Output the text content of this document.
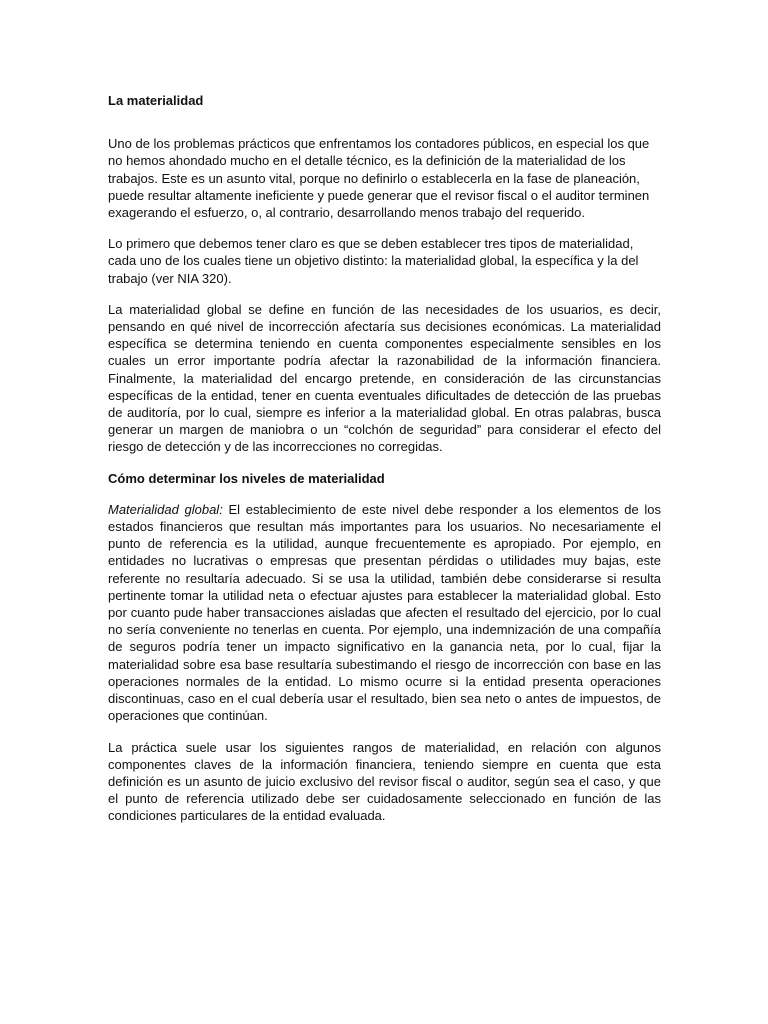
La materialidad

Uno de los problemas prácticos que enfrentamos los contadores públicos, en especial los que no hemos ahondado mucho en el detalle técnico, es la definición de la materialidad de los trabajos. Este es un asunto vital, porque no definirlo o establecerla en la fase de planeación, puede resultar altamente ineficiente y puede generar que el revisor fiscal o el auditor terminen exagerando el esfuerzo, o, al contrario, desarrollando menos trabajo del requerido.

Lo primero que debemos tener claro es que se deben establecer tres tipos de materialidad, cada uno de los cuales tiene un objetivo distinto: la materialidad global, la específica y la del trabajo (ver NIA 320).

La materialidad global se define en función de las necesidades de los usuarios, es decir, pensando en qué nivel de incorrección afectaría sus decisiones económicas. La materialidad específica se determina teniendo en cuenta componentes especialmente sensibles en los cuales un error importante podría afectar la razonabilidad de la información financiera. Finalmente, la materialidad del encargo pretende, en consideración de las circunstancias específicas de la entidad, tener en cuenta eventuales dificultades de detección de las pruebas de auditoría, por lo cual, siempre es inferior a la materialidad global. En otras palabras, busca generar un margen de maniobra o un “colchón de seguridad” para considerar el efecto del riesgo de detección y de las incorrecciones no corregidas.

Cómo determinar los niveles de materialidad

Materialidad global: El establecimiento de este nivel debe responder a los elementos de los estados financieros que resultan más importantes para los usuarios. No necesariamente el punto de referencia es la utilidad, aunque frecuentemente es apropiado. Por ejemplo, en entidades no lucrativas o empresas que presentan pérdidas o utilidades muy bajas, este referente no resultaría adecuado. Si se usa la utilidad, también debe considerarse si resulta pertinente tomar la utilidad neta o efectuar ajustes para establecer la materialidad global. Esto por cuanto pude haber transacciones aisladas que afecten el resultado del ejercicio, por lo cual no sería conveniente no tenerlas en cuenta. Por ejemplo, una indemnización de una compañía de seguros podría tener un impacto significativo en la ganancia neta, por lo cual, fijar la materialidad sobre esa base resultaría subestimando el riesgo de incorrección con base en las operaciones normales de la entidad. Lo mismo ocurre si la entidad presenta operaciones discontinuas, caso en el cual debería usar el resultado, bien sea neto o antes de impuestos, de operaciones que continúan.

La práctica suele usar los siguientes rangos de materialidad, en relación con algunos componentes claves de la información financiera, teniendo siempre en cuenta que esta definición es un asunto de juicio exclusivo del revisor fiscal o auditor, según sea el caso, y que el punto de referencia utilizado debe ser cuidadosamente seleccionado en función de las condiciones particulares de la entidad evaluada.
